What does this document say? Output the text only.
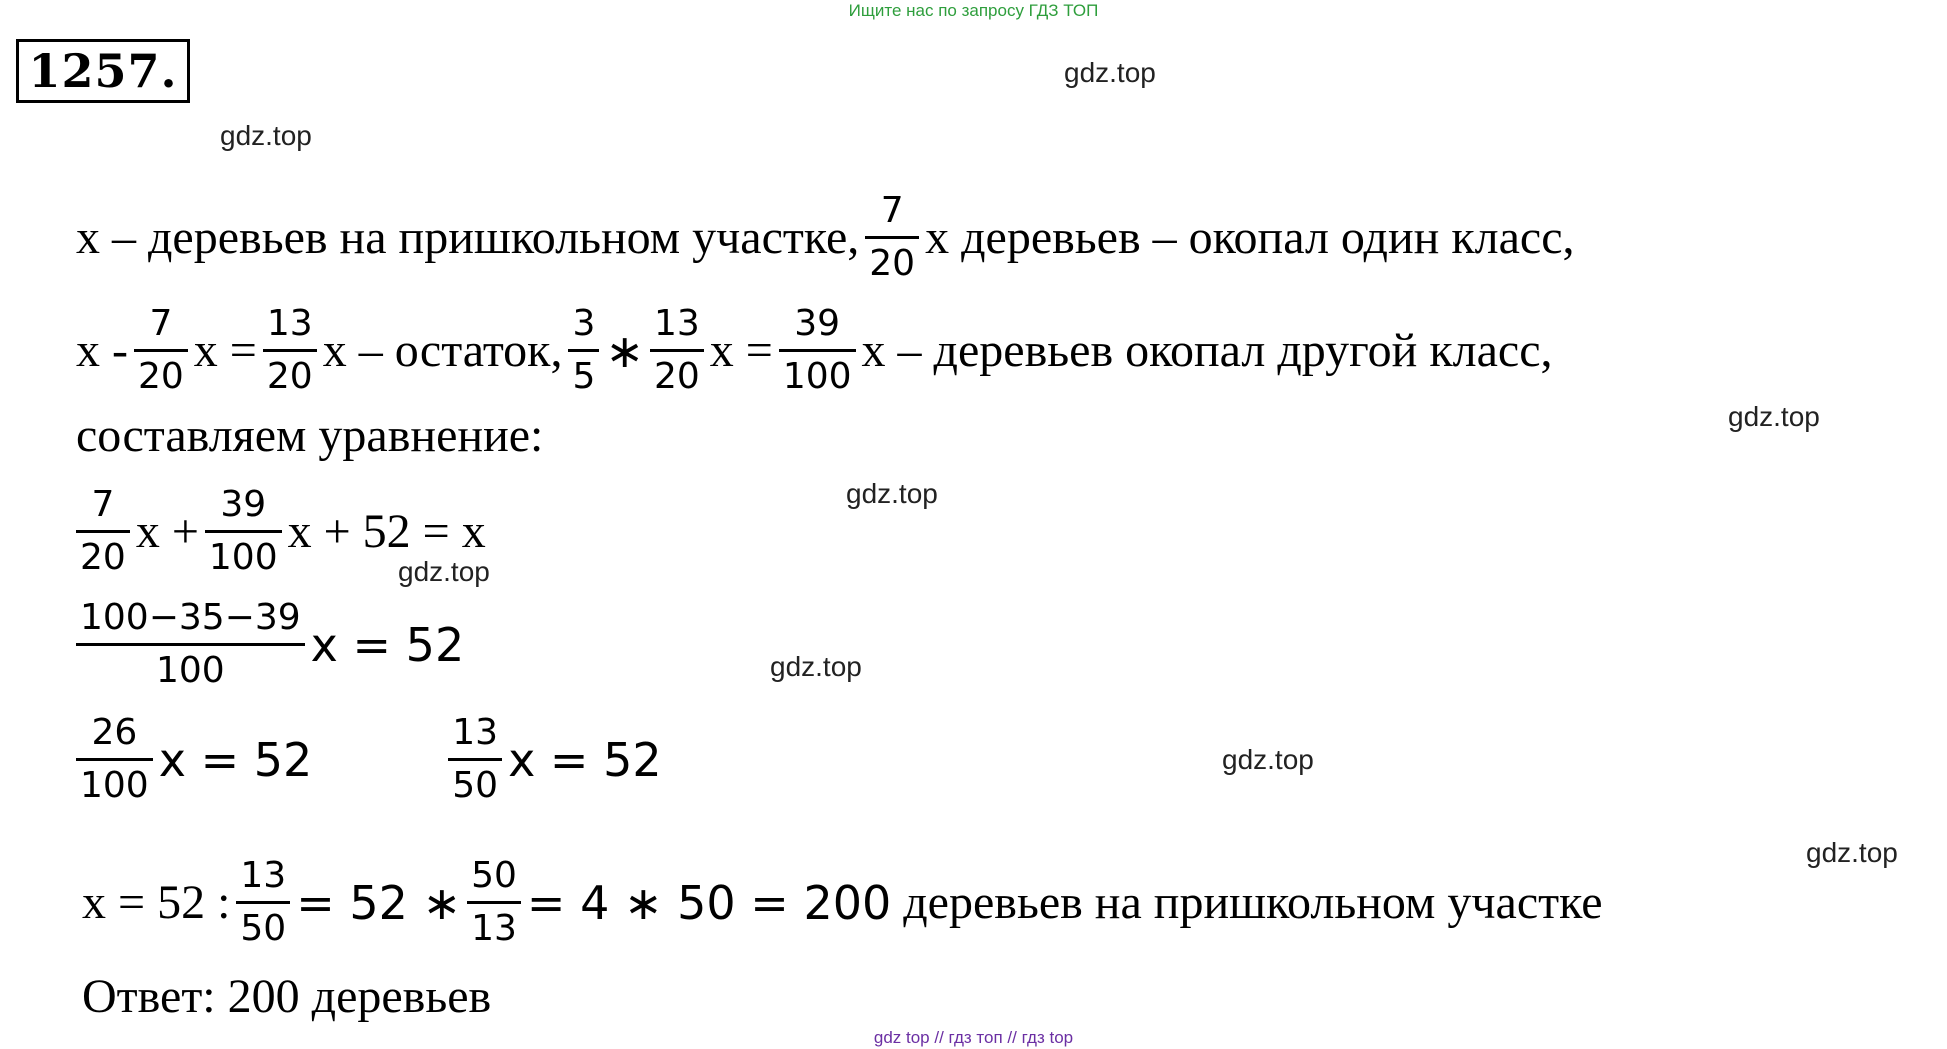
Ищите нас по запросу ГДЗ ТОП
1257.	gdz.top
gdz.top
gdz.top
gdz.top
gdz.top
gdz.top
gdz.top
gdz.top
x – деревьев на пришкольном участке, $\frac{7}{20}$ x деревьев – окопал один класс,
x - $\frac{7}{20}$ $x = \frac{13}{20}$ x – остаток, $\frac{3}{5}$ ∗ $\frac{13}{20}$ $x = \frac{39}{100}$ x – деревьев окопал другой класс,
составляем уравнение:
$\frac{7}{20}$ $x + \frac{39}{100}$ x + 52 = x
$\frac{100-35-39}{100}$ x = 52
$\frac{26}{100}$ x = 52	$\frac{13}{50}$ x = 52
x = 52 : $\frac{13}{50} = 52$ ∗ $\frac{50}{13} = 4$ ∗ 50 = 200 деревьев на пришкольном участке
Ответ: 200 деревьев
gdz top // гдз топ // гдз top
